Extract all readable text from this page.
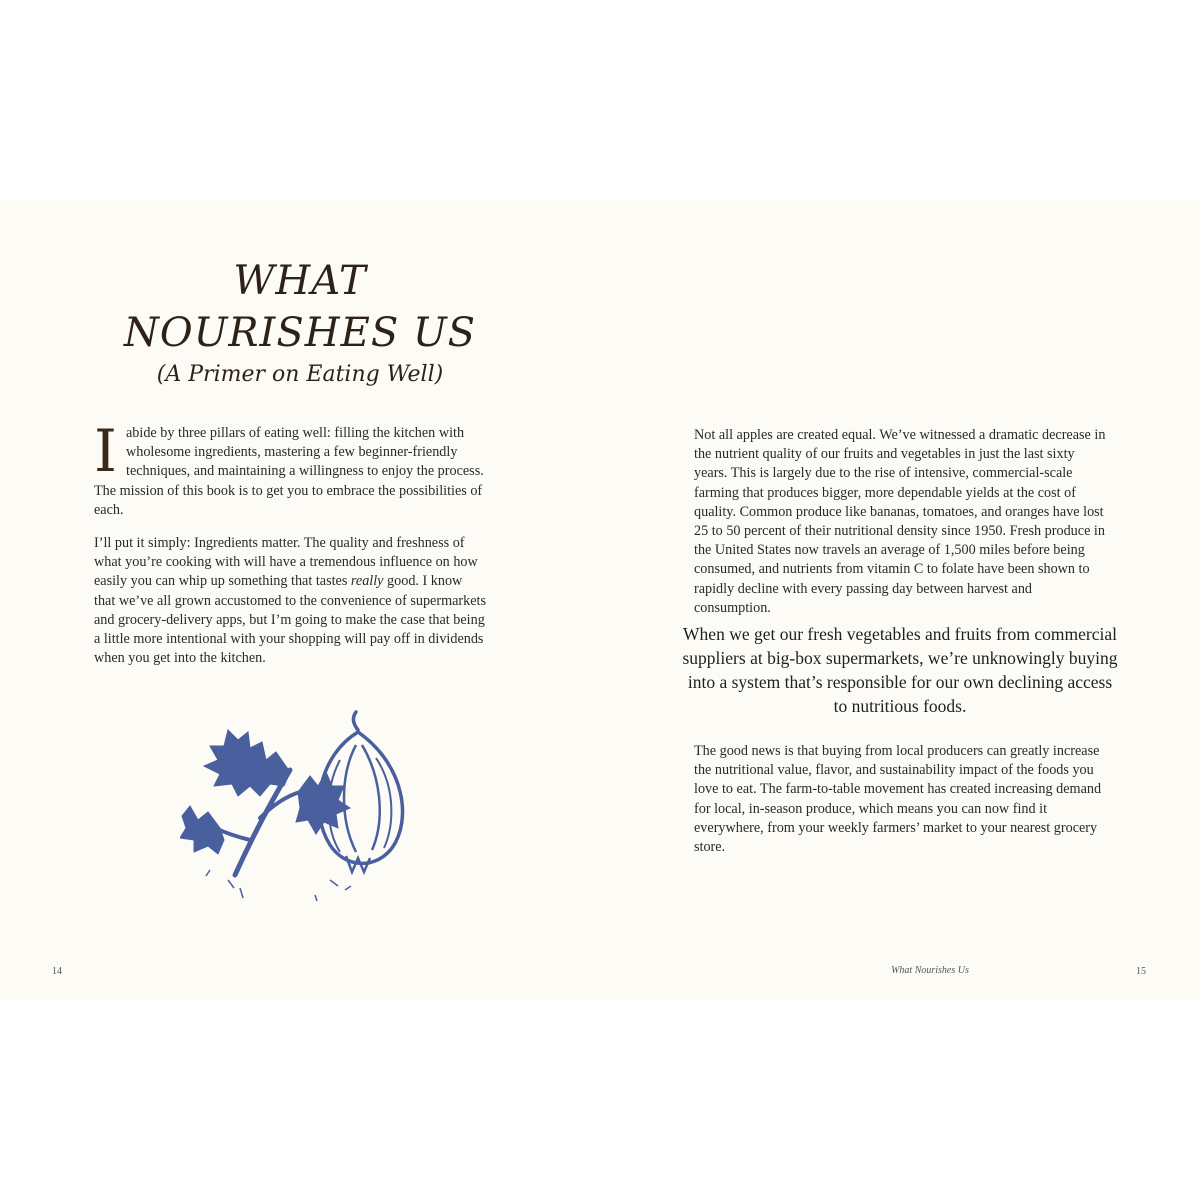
WHAT
NOURISHES US
(A Primer on Eating Well)

Iabide by three pillars of eating well: filling the kitchen with wholesome ingredients, mastering a few beginner-friendly techniques, and maintaining a willingness to enjoy the process. The mission of this book is to get you to embrace the possibilities of each.

I’ll put it simply: Ingredients matter. The quality and freshness of what you’re cooking with will have a tremendous influence on how easily you can whip up something that tastes really good. I know that we’ve all grown accustomed to the convenience of supermarkets and grocery-delivery apps, but I’m going to make the case that being a little more intentional with your shopping will pay off in dividends when you get into the kitchen.

14

Not all apples are created equal. We’ve witnessed a dramatic decrease in the nutrient quality of our fruits and vegetables in just the last sixty years. This is largely due to the rise of intensive, commercial-scale farming that produces bigger, more dependable yields at the cost of quality. Common produce like bananas, tomatoes, and oranges have lost 25 to 50 percent of their nutritional density since 1950. Fresh produce in the United States now travels an average of 1,500 miles before being consumed, and nutrients from vitamin C to folate have been shown to rapidly decline with every passing day between harvest and consumption.

When we get our fresh vegetables and fruits from commercial suppliers at big-box supermarkets, we’re unknowingly buying into a system that’s responsible for our own declining access to nutritious foods.

The good news is that buying from local producers can greatly increase the nutritional value, flavor, and sustainability impact of the foods you love to eat. The farm-to-table movement has created increasing demand for local, in-season produce, which means you can now find it everywhere, from your weekly farmers’ market to your nearest grocery store.

What Nourishes Us	15
